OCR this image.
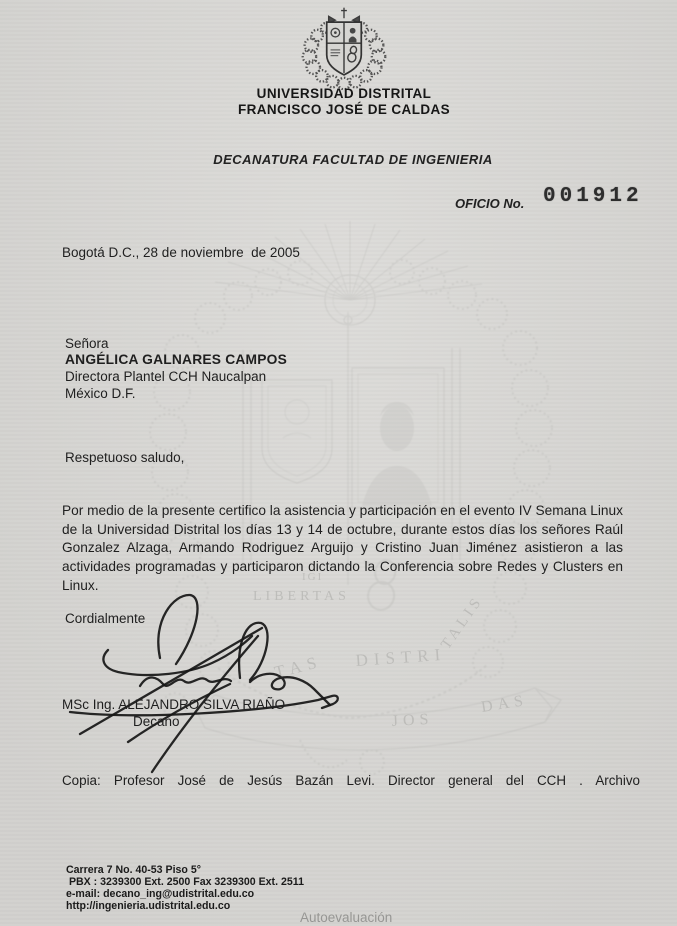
IGI
LIBERTAS
TAS DISTRI
TALIS
JOS
DAS
UNIVERSIDAD DISTRITAL
FRANCISCO JOSÉ DE CALDAS
DECANATURA FACULTAD DE INGENIERIA
OFICIO No. 001912
Bogotá D.C., 28 de noviembre  de 2005
Señora
ANGÉLICA GALNARES CAMPOS
Directora Plantel CCH Naucalpan
México D.F.
Respetuoso saludo,

Por medio de la presente certifico la asistencia y participación en el evento IV Semana Linux de la Universidad Distrital los días 13 y 14 de octubre, durante estos días los señores Raúl Gonzalez Alzaga, Armando Rodriguez Arguijo y Cristino Juan Jiménez asistieron a las actividades programadas y participaron dictando la Conferencia sobre Redes y Clusters en Linux.

Cordialmente
MSc Ing. ALEJANDRO SILVA RIAÑO
Decano

Copia: Profesor José de Jesús Bazán Levi. Director general del CCH . Archivo

Carrera 7 No. 40-53 Piso 5°
PBX : 3239300 Ext. 2500 Fax 3239300 Ext. 2511
e-mail: decano_ing@udistrital.edu.co
http://ingenieria.udistrital.edu.co
Autoevaluación
